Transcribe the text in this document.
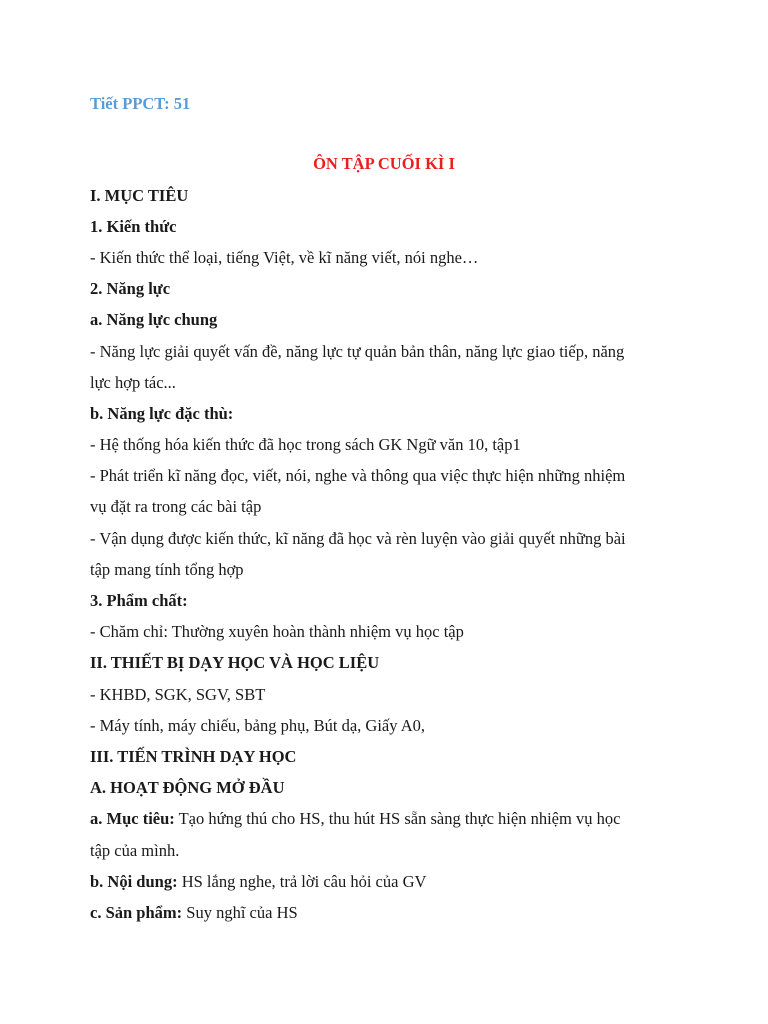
Tiết PPCT: 51
ÔN TẬP CUỐI KÌ I
I. MỤC TIÊU
1. Kiến thức
- Kiến thức thể loại, tiếng Việt, về kĩ năng viết, nói nghe…
2. Năng lực
a. Năng lực chung
- Năng lực giải quyết vấn đề, năng lực tự quản bản thân, năng lực giao tiếp, năng
lực hợp tác...
b. Năng lực đặc thù:
- Hệ thống hóa kiến thức đã học trong sách GK Ngữ văn 10, tập1
- Phát triển kĩ năng đọc, viết, nói, nghe và thông qua việc thực hiện những nhiệm
vụ đặt ra trong các bài tập
- Vận dụng được kiến thức, kĩ năng đã học và rèn luyện vào giải quyết những bài
tập mang tính tổng hợp
3. Phẩm chất:
- Chăm chỉ: Thường xuyên hoàn thành nhiệm vụ học tập
II. THIẾT BỊ DẠY HỌC VÀ HỌC LIỆU
- KHBD, SGK, SGV, SBT
- Máy tính, máy chiếu, bảng phụ, Bút dạ, Giấy A0,
III. TIẾN TRÌNH DẠY HỌC
A. HOẠT ĐỘNG MỞ ĐẦU
a. Mục tiêu: Tạo hứng thú cho HS, thu hút HS sẵn sàng thực hiện nhiệm vụ học
tập của mình.
b. Nội dung: HS lắng nghe, trả lời câu hỏi của GV
c. Sản phẩm: Suy nghĩ của HS
